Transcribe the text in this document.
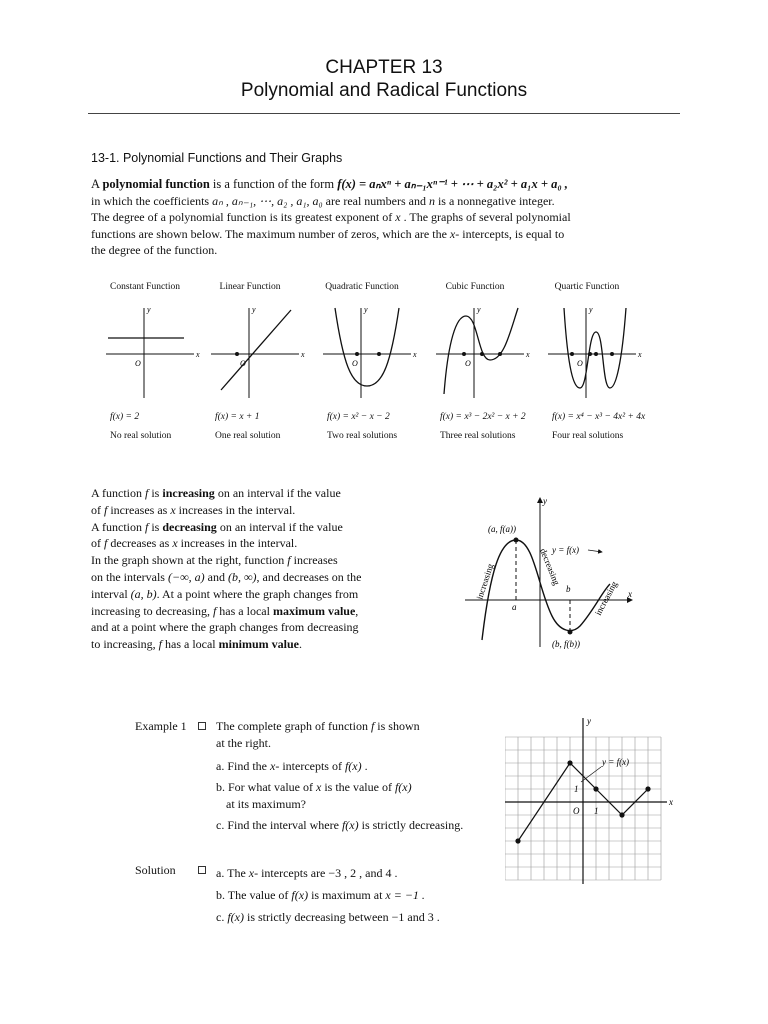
CHAPTER 13
Polynomial and Radical Functions
13-1. Polynomial Functions and Their Graphs

A polynomial function is a function of the form f(x) = aₙxⁿ + aₙ₋₁xⁿ⁻¹ + ⋯ + a₂x² + a₁x + a₀ ,

in which the coefficients aₙ , aₙ₋₁, ⋯, a₂ , a₁, a₀ are real numbers and n is a nonnegative integer.

The degree of a polynomial function is its greatest exponent of x . The graphs of several polynomial

functions are shown below. The maximum number of zeros, which are the x- intercepts, is equal to

the degree of the function.

Constant Function
x
y
O
f(x) = 2
No real solution
Linear Function
x
y
O
f(x) = x + 1
One real solution
Quadratic Function
x
y
O
f(x) = x² − x − 2
Two real solutions
Cubic Function
x
y
O
f(x) = x³ − 2x² − x + 2
Three real solutions
Quartic Function
x
y
O
f(x) = x⁴ − x³ − 4x² + 4x
Four real solutions

A function f is increasing on an interval if the value

of f increases as x increases in the interval.

A function f is decreasing on an interval if the value

of f decreases as x increases in the interval.

In the graph shown at the right, function f increases

on the intervals (−∞, a) and (b, ∞), and decreases on the

interval (a, b). At a point where the graph changes from

increasing to decreasing, f has a local maximum value,

and at a point where the graph changes from decreasing

to increasing, f has a local minimum value.

y
x
(a, f(a))
(b, f(b))
a
b
y = f(x)
increasing	decreasing
increasing
Example 1 The complete graph of function f is shown
at the right.
a. Find the x- intercepts of f(x) .
b. For what value of x is the value of f(x)
at its maximum?
c. Find the interval where f(x) is strictly decreasing.
Solution	a. The x- intercepts are −3 , 2 , and 4 .
b. The value of f(x) is maximum at x = −1 .
c. f(x) is strictly decreasing between −1 and 3 .
y
x
O 1
1
y = f(x)
